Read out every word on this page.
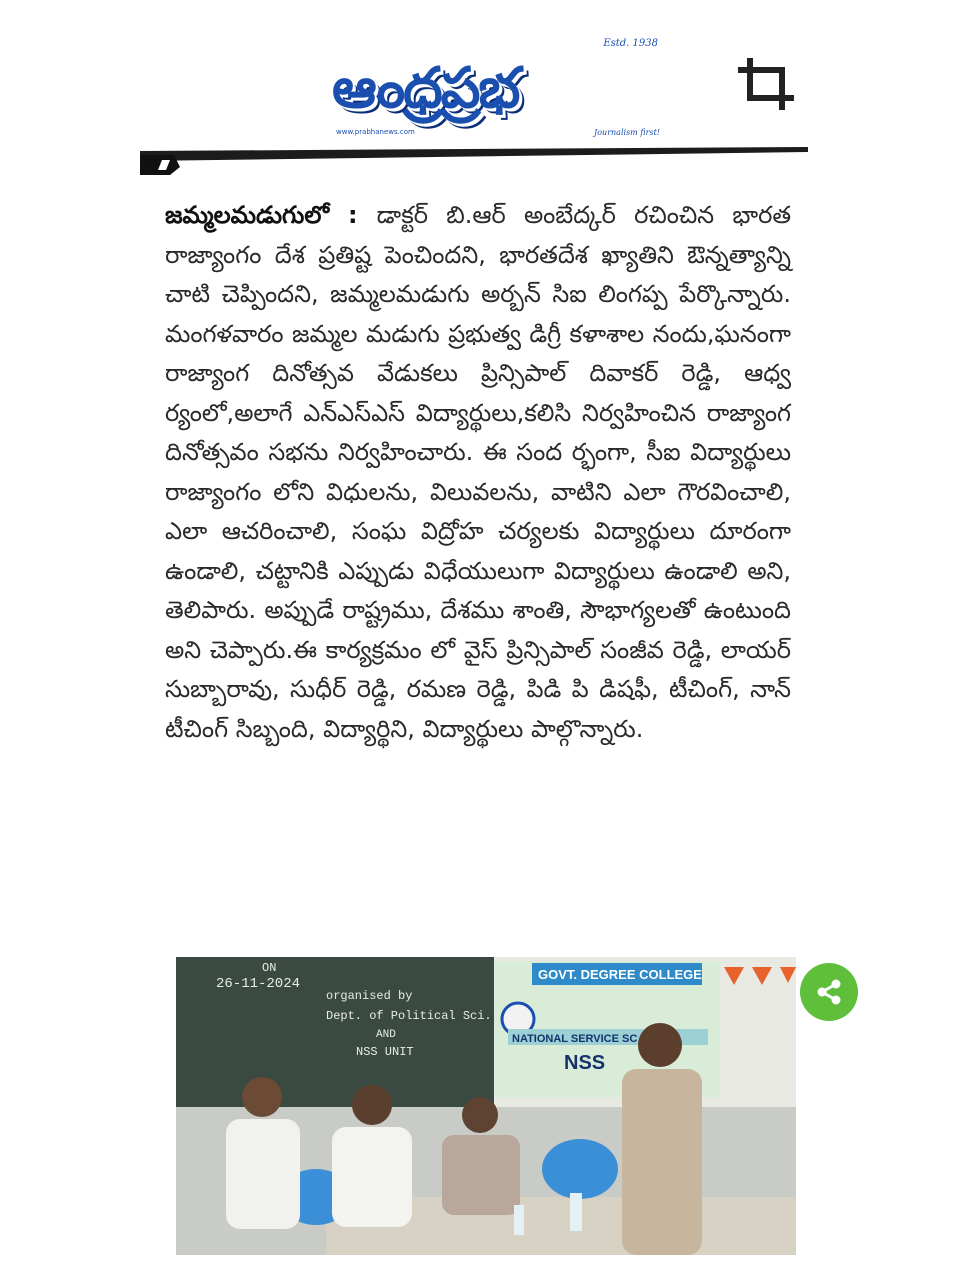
Estd. 1938
ఆంధ్రప్రభ
www.prabhanews.com	Journalism first!
జమ్మలమడుగులో : డాక్టర్ బి.ఆర్ అంబేద్కర్ రచించిన భారత రాజ్యాంగం దేశ ప్రతిష్ట పెంచిందని, భారతదేశ ఖ్యాతిని ఔన్నత్యాన్ని చాటి చెప్పిందని, జమ్మలమడుగు అర్బన్ సిఐ లింగప్ప పేర్కొన్నారు. మంగళవారం జమ్మల మడుగు ప్రభుత్వ డిగ్రీ కళాశాల నందు,ఘనంగా రాజ్యాంగ దినోత్సవ వేడుకలు ప్రిన్సిపాల్ దివాకర్ రెడ్డి, ఆధ్వ ర్యంలో,అలాగే ఎన్ఎస్ఎస్ విద్యార్థులు,కలిసి నిర్వహించిన రాజ్యాంగ దినోత్సవం సభను నిర్వహించారు. ఈ సంద ర్భంగా, సీఐ విద్యార్థులు రాజ్యాంగం లోని విధులను, విలువలను, వాటిని ఎలా గౌరవించాలి, ఎలా ఆచరించాలి, సంఘ విద్రోహ చర్యలకు విద్యార్థులు దూరంగా ఉండాలి, చట్టానికి ఎప్పుడు విధేయులుగా విద్యార్థులు ఉండాలి అని, తెలిపారు. అప్పుడే రాష్ట్రము, దేశము శాంతి, సౌభాగ్యలతో ఉంటుంది అని చెప్పారు.ఈ కార్యక్రమం లో వైస్ ప్రిన్సిపాల్ సంజీవ రెడ్డి, లాయర్ సుబ్బారావు, సుధీర్ రెడ్డి, రమణ రెడ్డి, పిడి పి డిషఫీ, టీచింగ్, నాన్ టీచింగ్ సిబ్బంది, విద్యార్థిని, విద్యార్థులు పాల్గొన్నారు.
26-11-2024
ON
organised by
Dept. of Political Sci.
AND
NSS UNIT
GOVT. DEGREE COLLEGE
NATIONAL SERVICE SC
NSS
